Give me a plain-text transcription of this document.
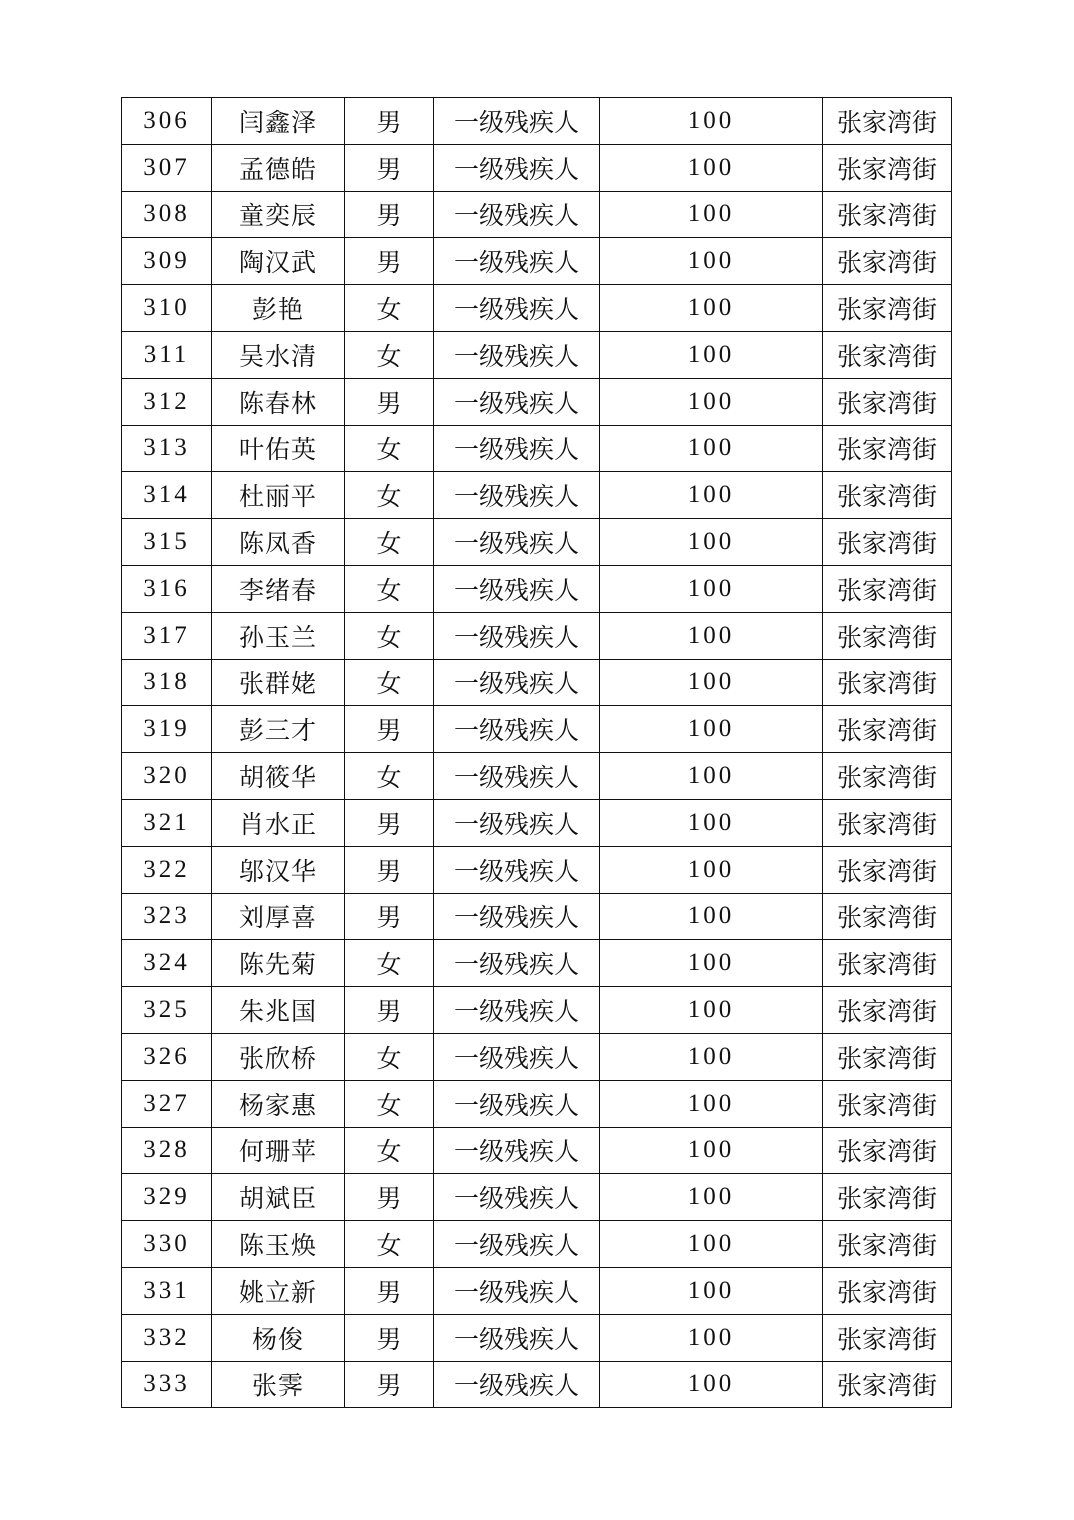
306	闫鑫泽	男	一级残疾人	100	张家湾街
307	孟德皓	男	一级残疾人	100	张家湾街
308	童奕辰	男	一级残疾人	100	张家湾街
309	陶汉武	男	一级残疾人	100	张家湾街
310	彭艳	女	一级残疾人	100	张家湾街
311	吴水清	女	一级残疾人	100	张家湾街
312	陈春林	男	一级残疾人	100	张家湾街
313	叶佑英	女	一级残疾人	100	张家湾街
314	杜丽平	女	一级残疾人	100	张家湾街
315	陈凤香	女	一级残疾人	100	张家湾街
316	李绪春	女	一级残疾人	100	张家湾街
317	孙玉兰	女	一级残疾人	100	张家湾街
318	张群姥	女	一级残疾人	100	张家湾街
319	彭三才	男	一级残疾人	100	张家湾街
320	胡筱华	女	一级残疾人	100	张家湾街
321	肖水正	男	一级残疾人	100	张家湾街
322	邬汉华	男	一级残疾人	100	张家湾街
323	刘厚喜	男	一级残疾人	100	张家湾街
324	陈先菊	女	一级残疾人	100	张家湾街
325	朱兆国	男	一级残疾人	100	张家湾街
326	张欣桥	女	一级残疾人	100	张家湾街
327	杨家惠	女	一级残疾人	100	张家湾街
328	何珊苹	女	一级残疾人	100	张家湾街
329	胡斌臣	男	一级残疾人	100	张家湾街
330	陈玉焕	女	一级残疾人	100	张家湾街
331	姚立新	男	一级残疾人	100	张家湾街
332	杨俊	男	一级残疾人	100	张家湾街
333	张霁	男	一级残疾人	100	张家湾街
